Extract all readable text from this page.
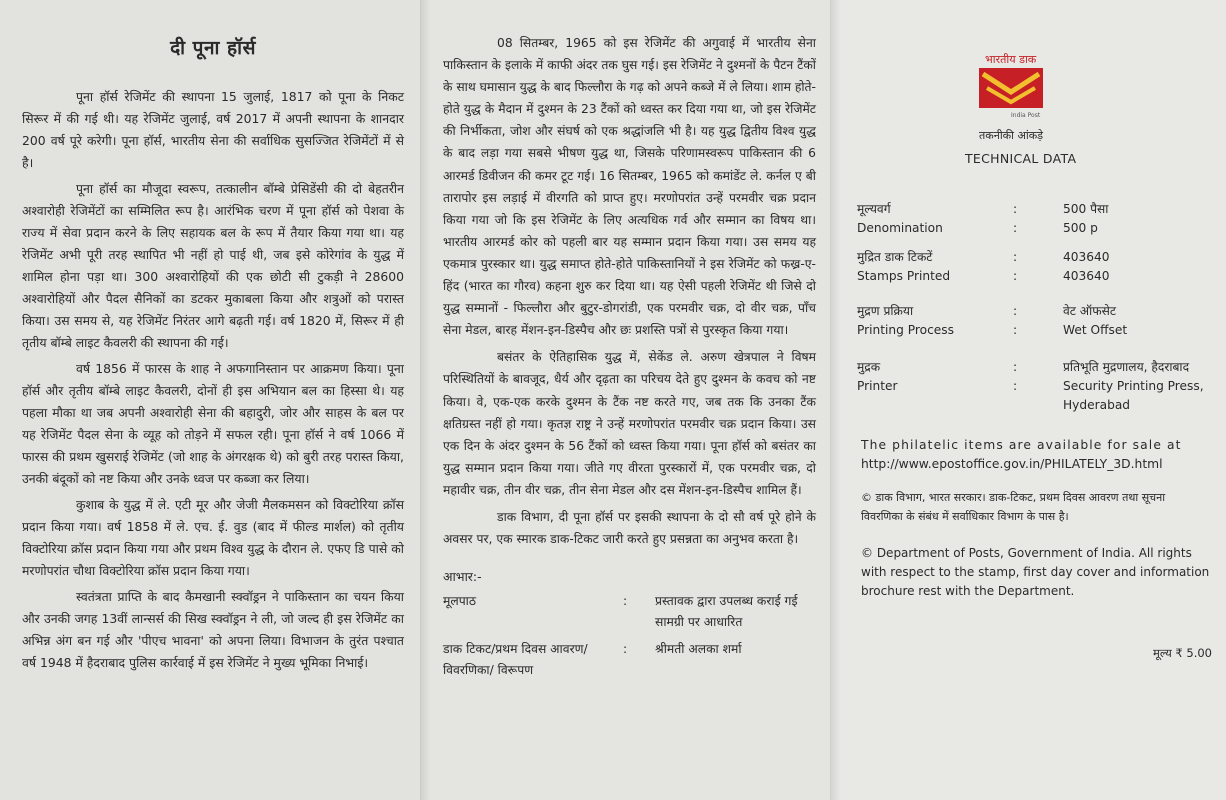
दी पूना हॉर्स

पूना हॉर्स रेजिमेंट की स्थापना 15 जुलाई, 1817 को पूना के निकट सिरूर में की गई थी। यह रेजिमेंट जुलाई, वर्ष 2017 में अपनी स्थापना के शानदार 200 वर्ष पूरे करेगी। पूना हॉर्स, भारतीय सेना की सर्वाधिक सुसज्जित रेजिमेंटों में से है।

पूना हॉर्स का मौजूदा स्वरूप, तत्कालीन बॉम्बे प्रेसिडेंसी की दो बेहतरीन अश्वारोही रेजिमेंटों का सम्मिलित रूप है। आरंभिक चरण में पूना हॉर्स को पेशवा के राज्य में सेवा प्रदान करने के लिए सहायक बल के रूप में तैयार किया गया था। यह रेजिमेंट अभी पूरी तरह स्थापित भी नहीं हो पाई थी, जब इसे कोरेगांव के युद्ध में शामिल होना पड़ा था। 300 अश्वारोहियों की एक छोटी सी टुकड़ी ने 28600 अश्वारोहियों और पैदल सैनिकों का डटकर मुकाबला किया और शत्रुओं को परास्त किया। उस समय से, यह रेजिमेंट निरंतर आगे बढ़ती गई। वर्ष 1820 में, सिरूर में ही तृतीय बॉम्बे लाइट कैवलरी की स्थापना की गई।

वर्ष 1856 में फारस के शाह ने अफगानिस्तान पर आक्रमण किया। पूना हॉर्स और तृतीय बॉम्बे लाइट कैवलरी, दोनों ही इस अभियान बल का हिस्सा थे। यह पहला मौका था जब अपनी अश्वारोही सेना की बहादुरी, जोर और साहस के बल पर यह रेजिमेंट पैदल सेना के व्यूह को तोड़ने में सफल रही। पूना हॉर्स ने वर्ष 1066 में फारस की प्रथम खुसराई रेजिमेंट (जो शाह के अंगरक्षक थे) को बुरी तरह परास्त किया, उनकी बंदूकों को नष्ट किया और उनके ध्वज पर कब्जा कर लिया।

कुशाब के युद्ध में ले. एटी मूर और जेजी मैलकमसन को विक्टोरिया क्रॉस प्रदान किया गया। वर्ष 1858 में ले. एच. ई. वुड (बाद में फील्ड मार्शल) को तृतीय विक्टोरिया क्रॉस प्रदान किया गया और प्रथम विश्व युद्ध के दौरान ले. एफए डि पासे को मरणोपरांत चौथा विक्टोरिया क्रॉस प्रदान किया गया।

स्वतंत्रता प्राप्ति के बाद कैमखानी स्क्वॉड्रन ने पाकिस्तान का चयन किया और उनकी जगह 13वीं लान्सर्स की सिख स्क्वॉड्रन ने ली, जो जल्द ही इस रेजिमेंट का अभिन्न अंग बन गई और 'पीएच भावना' को अपना लिया। विभाजन के तुरंत पश्चात वर्ष 1948 में हैदराबाद पुलिस कार्रवाई में इस रेजिमेंट ने मुख्य भूमिका निभाई।

08 सितम्बर, 1965 को इस रेजिमेंट की अगुवाई में भारतीय सेना पाकिस्तान के इलाके में काफी अंदर तक घुस गई। इस रेजिमेंट ने दुश्मनों के पैटन टैंकों के साथ घमासान युद्ध के बाद फिल्लौरा के गढ़ को अपने कब्जे में ले लिया। शाम होते-होते युद्ध के मैदान में दुश्मन के 23 टैंकों को ध्वस्त कर दिया गया था, जो इस रेजिमेंट की निर्भीकता, जोश और संघर्ष को एक श्रद्धांजलि भी है। यह युद्ध द्वितीय विश्व युद्ध के बाद लड़ा गया सबसे भीषण युद्ध था, जिसके परिणामस्वरूप पाकिस्तान की 6 आरमर्ड डिवीजन की कमर टूट गई। 16 सितम्बर, 1965 को कमांडेंट ले. कर्नल ए बी तारापोर इस लड़ाई में वीरगति को प्राप्त हुए। मरणोपरांत उन्हें परमवीर चक्र प्रदान किया गया जो कि इस रेजिमेंट के लिए अत्यधिक गर्व और सम्मान का विषय था। भारतीय आरमर्ड कोर को पहली बार यह सम्मान प्रदान किया गया। उस समय यह एकमात्र पुरस्कार था। युद्ध समाप्त होते-होते पाकिस्तानियों ने इस रेजिमेंट को फख्र-ए-हिंद (भारत का गौरव) कहना शुरु कर दिया था। यह ऐसी पहली रेजिमेंट थी जिसे दो युद्ध सम्मानों - फिल्लौरा और बुटुर-डोगरांडी, एक परमवीर चक्र, दो वीर चक्र, पाँच सेना मेडल, बारह मेंशन-इन-डिस्पैच और छः प्रशस्ति पत्रों से पुरस्कृत किया गया।

बसंतर के ऐतिहासिक युद्ध में, सेकेंड ले. अरुण खेत्रपाल ने विषम परिस्थितियों के बावजूद, धैर्य और दृढ़ता का परिचय देते हुए दुश्मन के कवच को नष्ट किया। वे, एक-एक करके दुश्मन के टैंक नष्ट करते गए, जब तक कि उनका टैंक क्षतिग्रस्त नहीं हो गया। कृतज्ञ राष्ट्र ने उन्हें मरणोपरांत परमवीर चक्र प्रदान किया। उस एक दिन के अंदर दुश्मन के 56 टैंकों को ध्वस्त किया गया। पूना हॉर्स को बसंतर का युद्ध सम्मान प्रदान किया गया। जीते गए वीरता पुरस्कारों में, एक परमवीर चक्र, दो महावीर चक्र, तीन वीर चक्र, तीन सेना मेडल और दस मेंशन-इन-डिस्पैच शामिल हैं।

डाक विभाग, दी पूना हॉर्स पर इसकी स्थापना के दो सौ वर्ष पूरे होने के अवसर पर, एक स्मारक डाक-टिकट जारी करते हुए प्रसन्नता का अनुभव करता है।

आभार:-
मूलपाठ	:	प्रस्तावक द्वारा उपलब्ध कराई गई सामग्री पर आधारित
डाक टिकट/प्रथम दिवस आवरण/ विवरणिका/ विरूपण
:	श्रीमती अलका शर्मा
भारतीय डाक
India Post
तकनीकी आंकड़े
TECHNICAL DATA
मूल्यवर्ग	:	500 पैसा
Denomination	:	500 p
मुद्रित डाक टिकटें	:	403640
Stamps Printed	:	403640
मुद्रण प्रक्रिया	:	वेट ऑफसेट
Printing Process	:	Wet Offset
मुद्रक	:	प्रतिभूति मुद्रणालय, हैदराबाद
Printer	:	Security Printing Press, Hyderabad
The philatelic items are available for sale at
http://www.epostoffice.gov.in/PHILATELY_3D.html
© डाक विभाग, भारत सरकार। डाक-टिकट, प्रथम दिवस आवरण तथा सूचना विवरणिका के संबंध में सर्वाधिकार विभाग के पास है।
© Department of Posts, Government of India. All rights with respect to the stamp, first day cover and information brochure rest with the Department.
मूल्य ₹ 5.00
